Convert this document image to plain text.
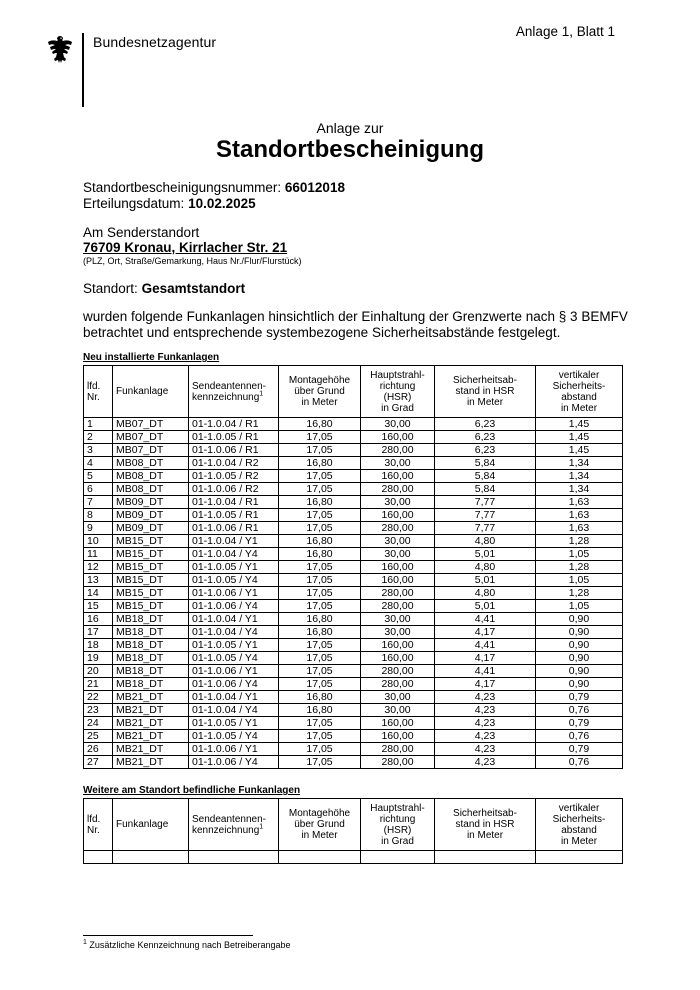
Bundesnetzagentur
Anlage 1, Blatt 1
Anlage zur
Standortbescheinigung
Standortbescheinigungsnummer: 66012018
Erteilungsdatum: 10.02.2025
Am Senderstandort
76709 Kronau, Kirrlacher Str. 21
(PLZ, Ort, Straße/Gemarkung, Haus Nr./Flur/Flurstück)
Standort: Gesamtstandort
wurden folgende Funkanlagen hinsichtlich der Einhaltung der Grenzwerte nach § 3 BEMFV
betrachtet und entsprechende systembezogene Sicherheitsabstände festgelegt.
Neu installierte Funkanlagen
lfd.
Nr.	Funkanlage	Sendeantennen-
kennzeichnung$^1$	Montagehöhe
über Grund
in Meter	Hauptstrahl-
richtung
(HSR)
in Grad	Sicherheitsab-
stand in HSR
in Meter	vertikaler
Sicherheits-
abstand
in Meter
1	MB07_DT	01-1.0.04 / R1	16,80	30,00	6,23	1,45
2	MB07_DT	01-1.0.05 / R1	17,05	160,00	6,23	1,45
3	MB07_DT	01-1.0.06 / R1	17,05	280,00	6,23	1,45
4	MB08_DT	01-1.0.04 / R2	16,80	30,00	5,84	1,34
5	MB08_DT	01-1.0.05 / R2	17,05	160,00	5,84	1,34
6	MB08_DT	01-1.0.06 / R2	17,05	280,00	5,84	1,34
7	MB09_DT	01-1.0.04 / R1	16,80	30,00	7,77	1,63
8	MB09_DT	01-1.0.05 / R1	17,05	160,00	7,77	1,63
9	MB09_DT	01-1.0.06 / R1	17,05	280,00	7,77	1,63
10	MB15_DT	01-1.0.04 / Y1	16,80	30,00	4,80	1,28
11	MB15_DT	01-1.0.04 / Y4	16,80	30,00	5,01	1,05
12	MB15_DT	01-1.0.05 / Y1	17,05	160,00	4,80	1,28
13	MB15_DT	01-1.0.05 / Y4	17,05	160,00	5,01	1,05
14	MB15_DT	01-1.0.06 / Y1	17,05	280,00	4,80	1,28
15	MB15_DT	01-1.0.06 / Y4	17,05	280,00	5,01	1,05
16	MB18_DT	01-1.0.04 / Y1	16,80	30,00	4,41	0,90
17	MB18_DT	01-1.0.04 / Y4	16,80	30,00	4,17	0,90
18	MB18_DT	01-1.0.05 / Y1	17,05	160,00	4,41	0,90
19	MB18_DT	01-1.0.05 / Y4	17,05	160,00	4,17	0,90
20	MB18_DT	01-1.0.06 / Y1	17,05	280,00	4,41	0,90
21	MB18_DT	01-1.0.06 / Y4	17,05	280,00	4,17	0,90
22	MB21_DT	01-1.0.04 / Y1	16,80	30,00	4,23	0,79
23	MB21_DT	01-1.0.04 / Y4	16,80	30,00	4,23	0,76
24	MB21_DT	01-1.0.05 / Y1	17,05	160,00	4,23	0,79
25	MB21_DT	01-1.0.05 / Y4	17,05	160,00	4,23	0,76
26	MB21_DT	01-1.0.06 / Y1	17,05	280,00	4,23	0,79
27	MB21_DT	01-1.0.06 / Y4	17,05	280,00	4,23	0,76
Weitere am Standort befindliche Funkanlagen
lfd.
Nr.	Funkanlage	Sendeantennen-
kennzeichnung$^1$	Montagehöhe
über Grund
in Meter	Hauptstrahl-
richtung
(HSR)
in Grad	Sicherheitsab-
stand in HSR
in Meter	vertikaler
Sicherheits-
abstand
in Meter

$^1$ Zusätzliche Kennzeichnung nach Betreiberangabe
